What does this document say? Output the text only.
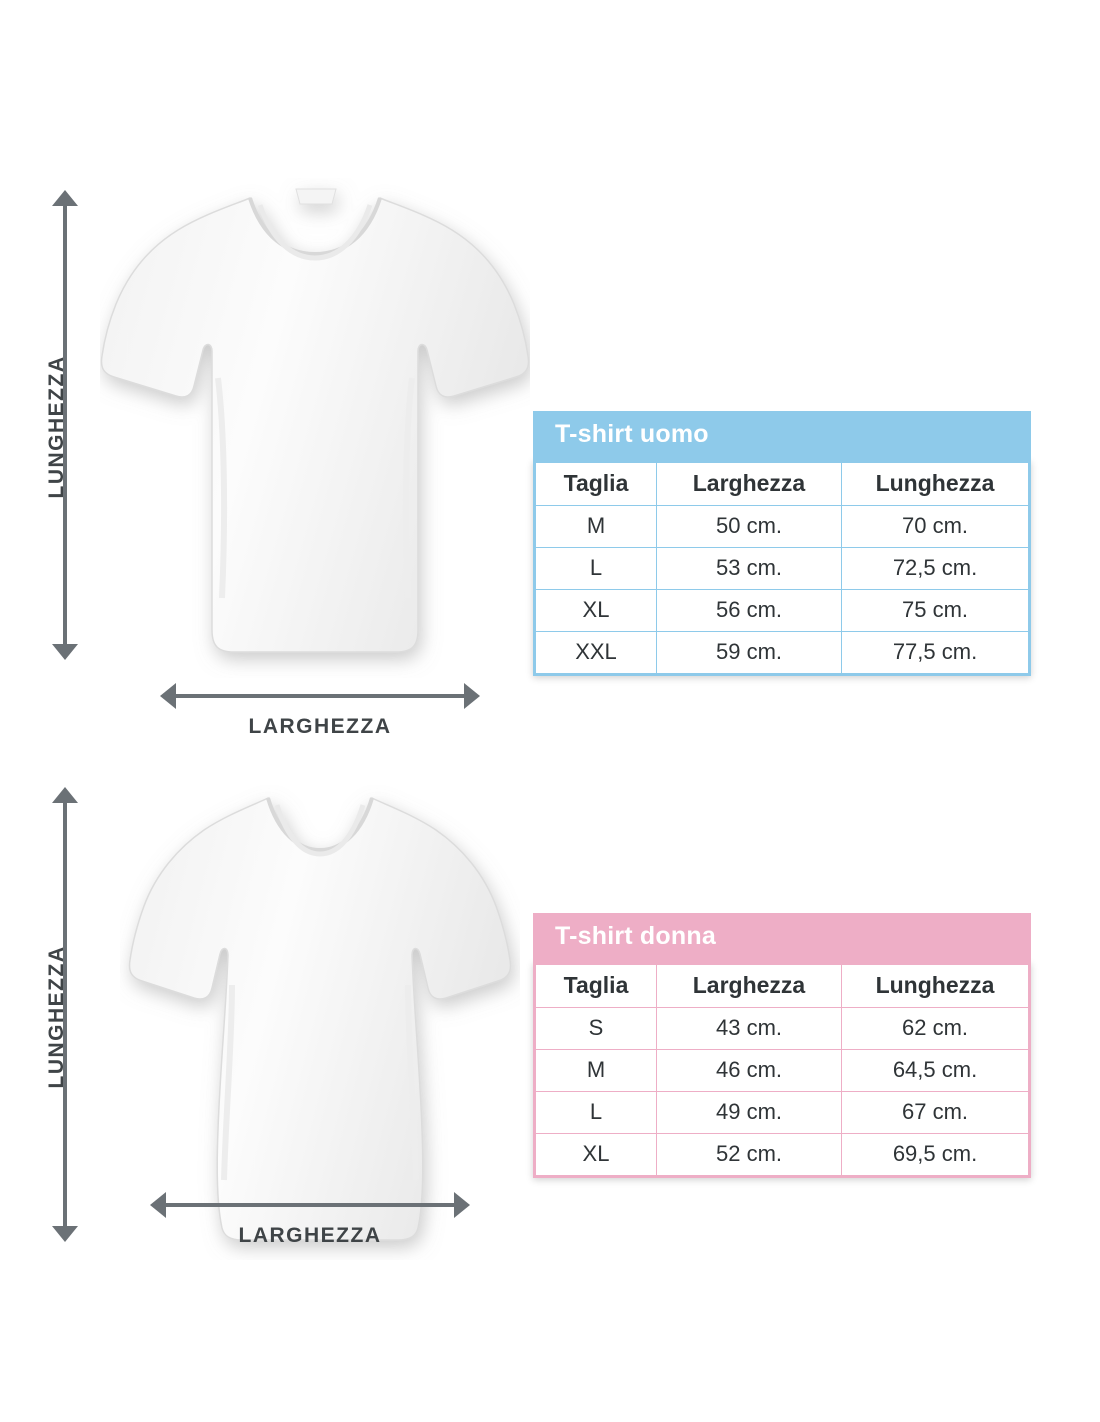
LUNGHEZZA
LARGHEZZA
T-shirt uomo
Taglia	Larghezza	Lunghezza
M	50 cm.	70 cm.
L	53 cm.	72,5 cm.
XL	56 cm.	75 cm.
XXL	59 cm.	77,5 cm.
LUNGHEZZA
LARGHEZZA
T-shirt donna
Taglia	Larghezza	Lunghezza
S	43 cm.	62 cm.
M	46 cm.	64,5 cm.
L	49 cm.	67 cm.
XL	52 cm.	69,5 cm.
